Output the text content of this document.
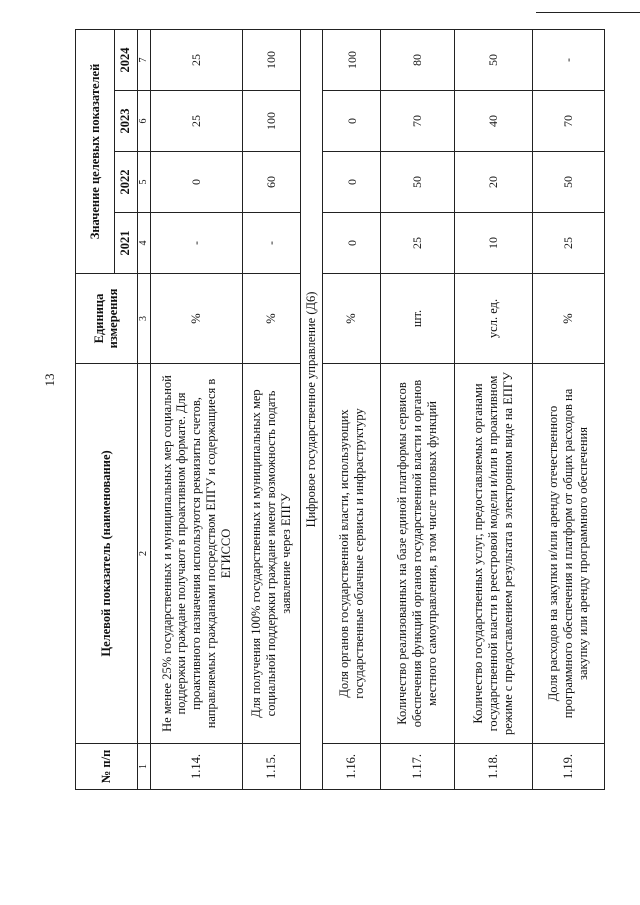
13
№ п/п	Целевой показатель (наименование)	Единица измерения	Значение целевых показателей			
			2021	2022	2023	2024
1	2	3	4	5	6	7
1.14.	Не менее 25% государственных и муниципальных мер социальной поддержки граждане получают в проактивном формате. Для проактивного назначения используются реквизиты счетов, направляемых гражданами посредством ЕПГУ и содержащиеся в ЕГИССО	%	-	0	25	25
1.15.	Для получения 100% государственных и муниципальных мер социальной поддержки граждане имеют возможность подать заявление через ЕПГУ	%	-	60	100	100
Цифровое государственное управление (Д6)						
1.16.	Доля органов государственной власти, использующих государственные облачные сервисы и инфраструктуру	%	0	0	0	100
1.17.	Количество реализованных на базе единой платформы сервисов обеспечения функций органов государственной власти и органов местного самоуправления, в том числе типовых функций	шт.	25	50	70	80
1.18.	Количество государственных услуг, предоставляемых органами государственной власти в реестровой модели и/или в проактивном режиме с предоставлением результата в электронном виде на ЕПГУ	усл. ед.	10	20	40	50
1.19.	Доля расходов на закупки и/или аренду отечественного программного обеспечения и платформ от общих расходов на закупку или аренду программного обеспечения	%	25	50	70	-
